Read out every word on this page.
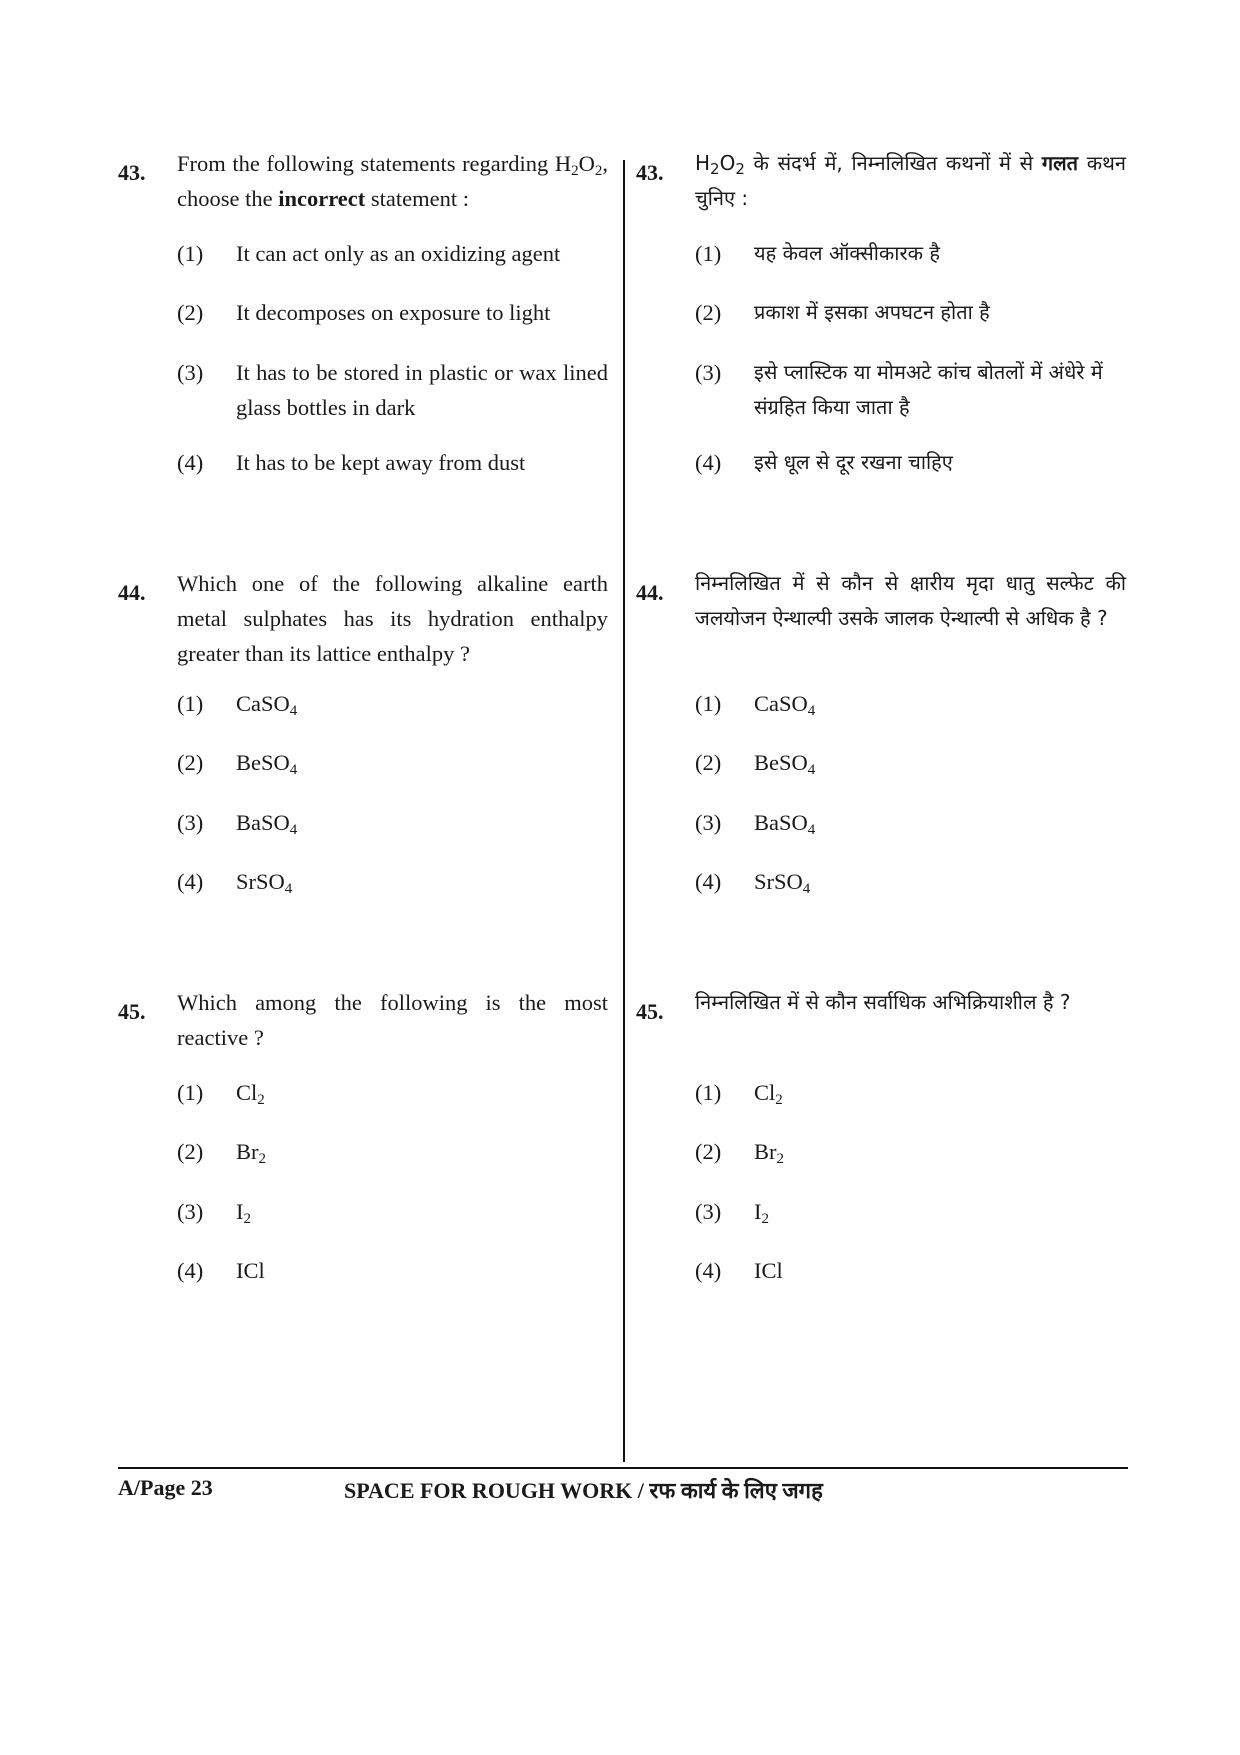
43. From the following statements regarding $H_2O_2$, choose the incorrect statement :

(1) It can act only as an oxidizing agent
(2) It decomposes on exposure to light
(3) It has to be stored in plastic or wax lined glass bottles in dark
(4) It has to be kept away from dust
44. Which one of the following alkaline earth metal sulphates has its hydration enthalpy greater than its lattice enthalpy ?

(1) CaSO$_4$
(2) BeSO$_4$
(3) BaSO$_4$
(4) SrSO$_4$
45. Which among the following is the most reactive ?

(1) $Cl_2$
(2) $Br_2$
(3) $I_2$
(4) ICl
43. $H_2O_2$ के संदर्भ में, निम्नलिखित कथनों में से गलत कथन चुनिए :

(1) यह केवल ऑक्सीकारक है
(2) प्रकाश में इसका अपघटन होता है
(3) इसे प्लास्टिक या मोमअटे कांच बोतलों में अंधेरे में संग्रहित किया जाता है
(4) इसे धूल से दूर रखना चाहिए
44. निम्नलिखित में से कौन से क्षारीय मृदा धातु सल्फेट की जलयोजन ऐन्थाल्पी उसके जालक ऐन्थाल्पी से अधिक है ?

(1) CaSO$_4$
(2) BeSO$_4$
(3) BaSO$_4$
(4) SrSO$_4$
45. निम्नलिखित में से कौन सर्वाधिक अभिक्रियाशील है ?

(1) $Cl_2$
(2) $Br_2$
(3) $I_2$
(4) ICl
A/Page 23	SPACE FOR ROUGH WORK / रफ कार्य के लिए जगह
